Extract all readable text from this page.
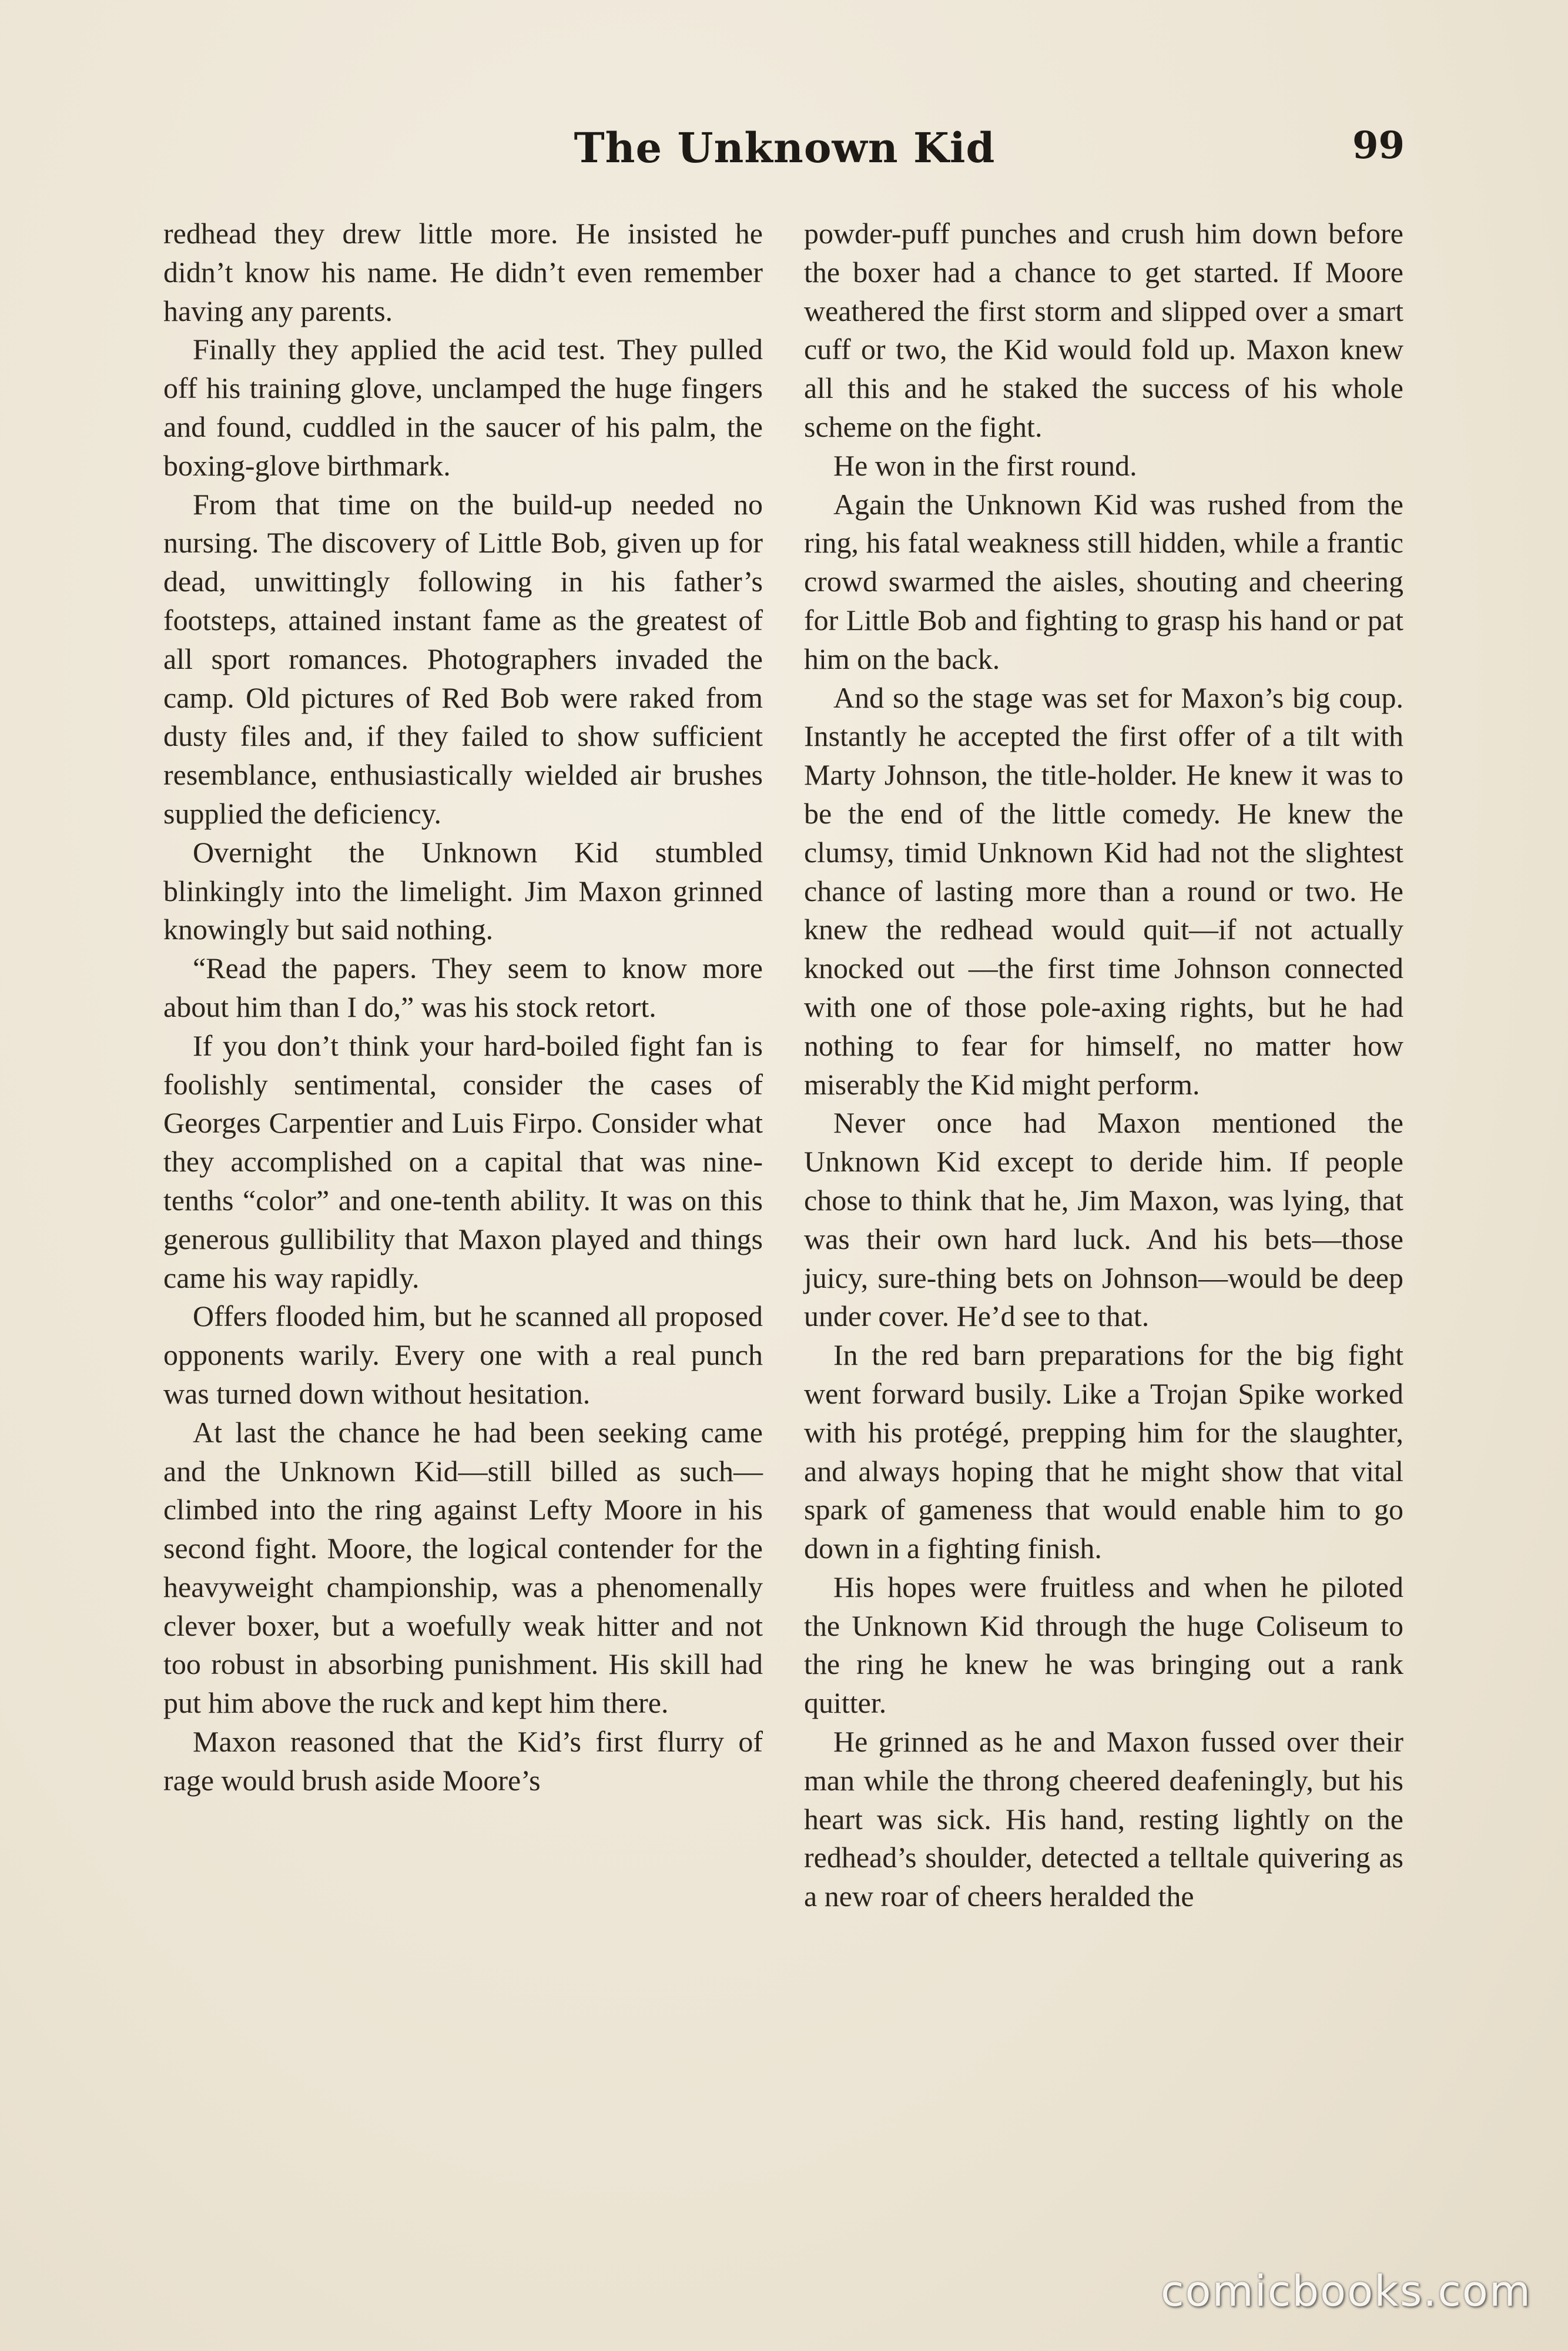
The Unknown Kid	99

redhead they drew little more. He insisted he didn’t know his name. He didn’t even remember having any parents.

Finally they applied the acid test. They pulled off his training glove, unclamped the huge fingers and found, cuddled in the saucer of his palm, the boxing-glove birthmark.

From that time on the build-up needed no nursing. The discovery of Little Bob, given up for dead, unwittingly following in his father’s footsteps, attained instant fame as the greatest of all sport romances. Photographers invaded the camp. Old pictures of Red Bob were raked from dusty files and, if they failed to show sufficient resemblance, enthusiastically wielded air brushes supplied the deficiency.

Overnight the Unknown Kid stumbled blinkingly into the limelight. Jim Maxon grinned knowingly but said nothing.

“Read the papers. They seem to know more about him than I do,” was his stock retort.

If you don’t think your hard-boiled fight fan is foolishly sentimental, consider the cases of Georges Carpentier and Luis Firpo. Consider what they accomplished on a capital that was nine-tenths “color” and one-tenth ability. It was on this generous gullibility that Maxon played and things came his way rapidly.

Offers flooded him, but he scanned all proposed opponents warily. Every one with a real punch was turned down without hesitation.

At last the chance he had been seeking came and the Unknown Kid—still billed as such—climbed into the ring against Lefty Moore in his second fight. Moore, the logical contender for the heavyweight championship, was a phenomenally clever boxer, but a woefully weak hitter and not too robust in absorbing punishment. His skill had put him above the ruck and kept him there.

Maxon reasoned that the Kid’s first flurry of rage would brush aside Moore’s

powder-puff punches and crush him down before the boxer had a chance to get started. If Moore weathered the first storm and slipped over a smart cuff or two, the Kid would fold up. Maxon knew all this and he staked the success of his whole scheme on the fight.

He won in the first round.

Again the Unknown Kid was rushed from the ring, his fatal weakness still hidden, while a frantic crowd swarmed the aisles, shouting and cheering for Little Bob and fighting to grasp his hand or pat him on the back.

And so the stage was set for Maxon’s big coup. Instantly he accepted the first offer of a tilt with Marty Johnson, the title-holder. He knew it was to be the end of the little comedy. He knew the clumsy, timid Unknown Kid had not the slightest chance of lasting more than a round or two. He knew the redhead would quit—if not actually knocked out —the first time Johnson connected with one of those pole-axing rights, but he had nothing to fear for himself, no matter how miserably the Kid might perform.

Never once had Maxon mentioned the Unknown Kid except to deride him. If people chose to think that he, Jim Maxon, was lying, that was their own hard luck. And his bets—those juicy, sure-thing bets on Johnson—would be deep under cover. He’d see to that.

In the red barn preparations for the big fight went forward busily. Like a Trojan Spike worked with his protégé, prepping him for the slaughter, and always hoping that he might show that vital spark of gameness that would enable him to go down in a fighting finish.

His hopes were fruitless and when he piloted the Unknown Kid through the huge Coliseum to the ring he knew he was bringing out a rank quitter.

He grinned as he and Maxon fussed over their man while the throng cheered deafeningly, but his heart was sick. His hand, resting lightly on the redhead’s shoulder, detected a telltale quivering as a new roar of cheers heralded the

comicbooks.com
